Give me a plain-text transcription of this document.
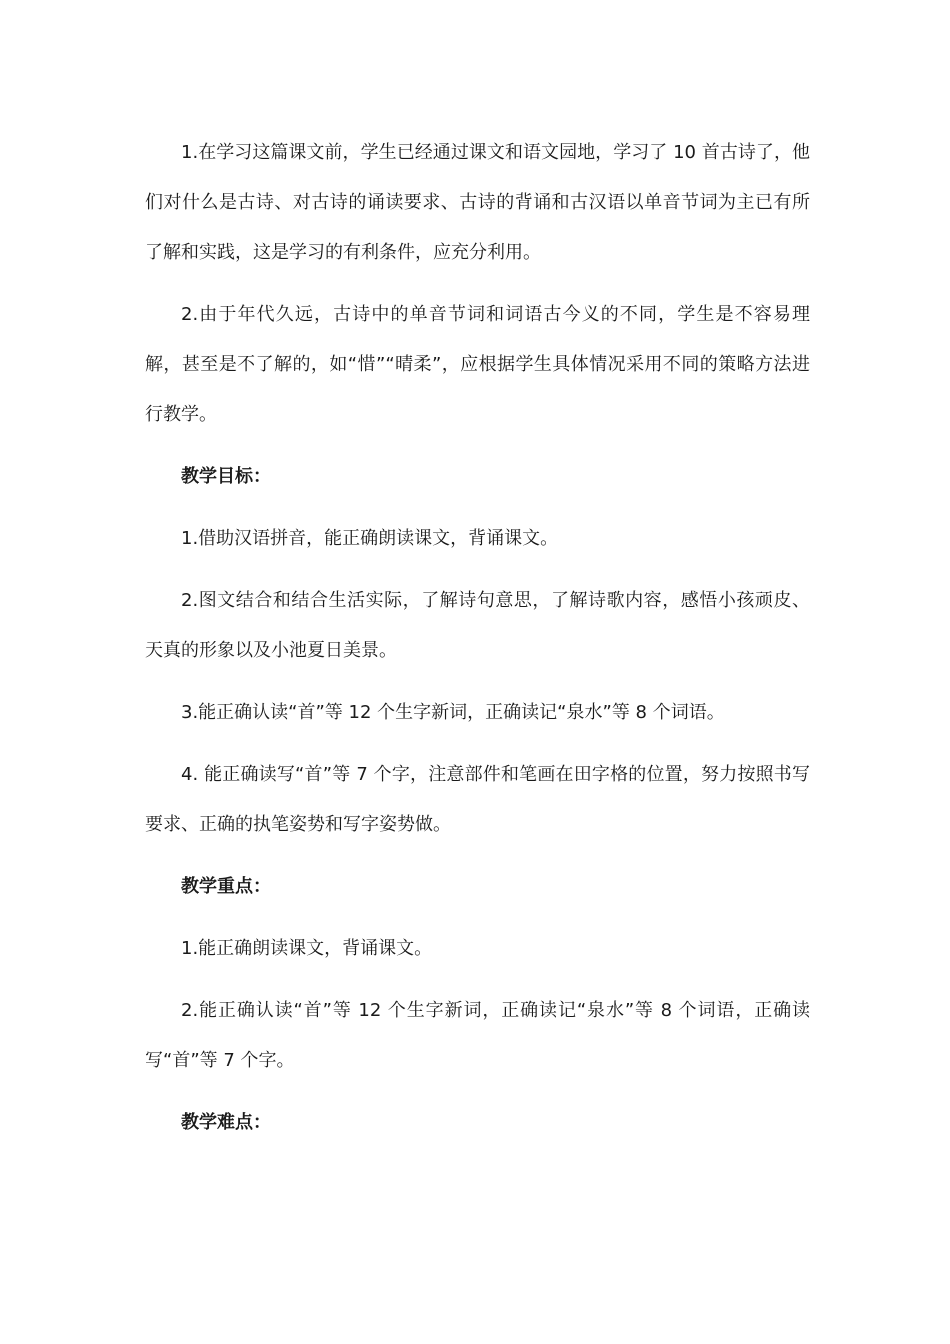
1.在学习这篇课文前，学生已经通过课文和语文园地，学习了 10 首古诗了，他们对什么是古诗、对古诗的诵读要求、古诗的背诵和古汉语以单音节词为主已有所了解和实践，这是学习的有利条件，应充分利用。

2.由于年代久远，古诗中的单音节词和词语古今义的不同，学生是不容易理解，甚至是不了解的，如“惜”“晴柔”，应根据学生具体情况采用不同的策略方法进行教学。

教学目标：

1.借助汉语拼音，能正确朗读课文，背诵课文。

2.图文结合和结合生活实际，了解诗句意思，了解诗歌内容，感悟小孩顽皮、天真的形象以及小池夏日美景。

3.能正确认读“首”等 12 个生字新词，正确读记“泉水”等 8 个词语。

4. 能正确读写“首”等 7 个字，注意部件和笔画在田字格的位置，努力按照书写要求、正确的执笔姿势和写字姿势做。

教学重点：

1.能正确朗读课文，背诵课文。

2.能正确认读“首”等 12 个生字新词，正确读记“泉水”等 8 个词语，正确读写“首”等 7 个字。

教学难点：
